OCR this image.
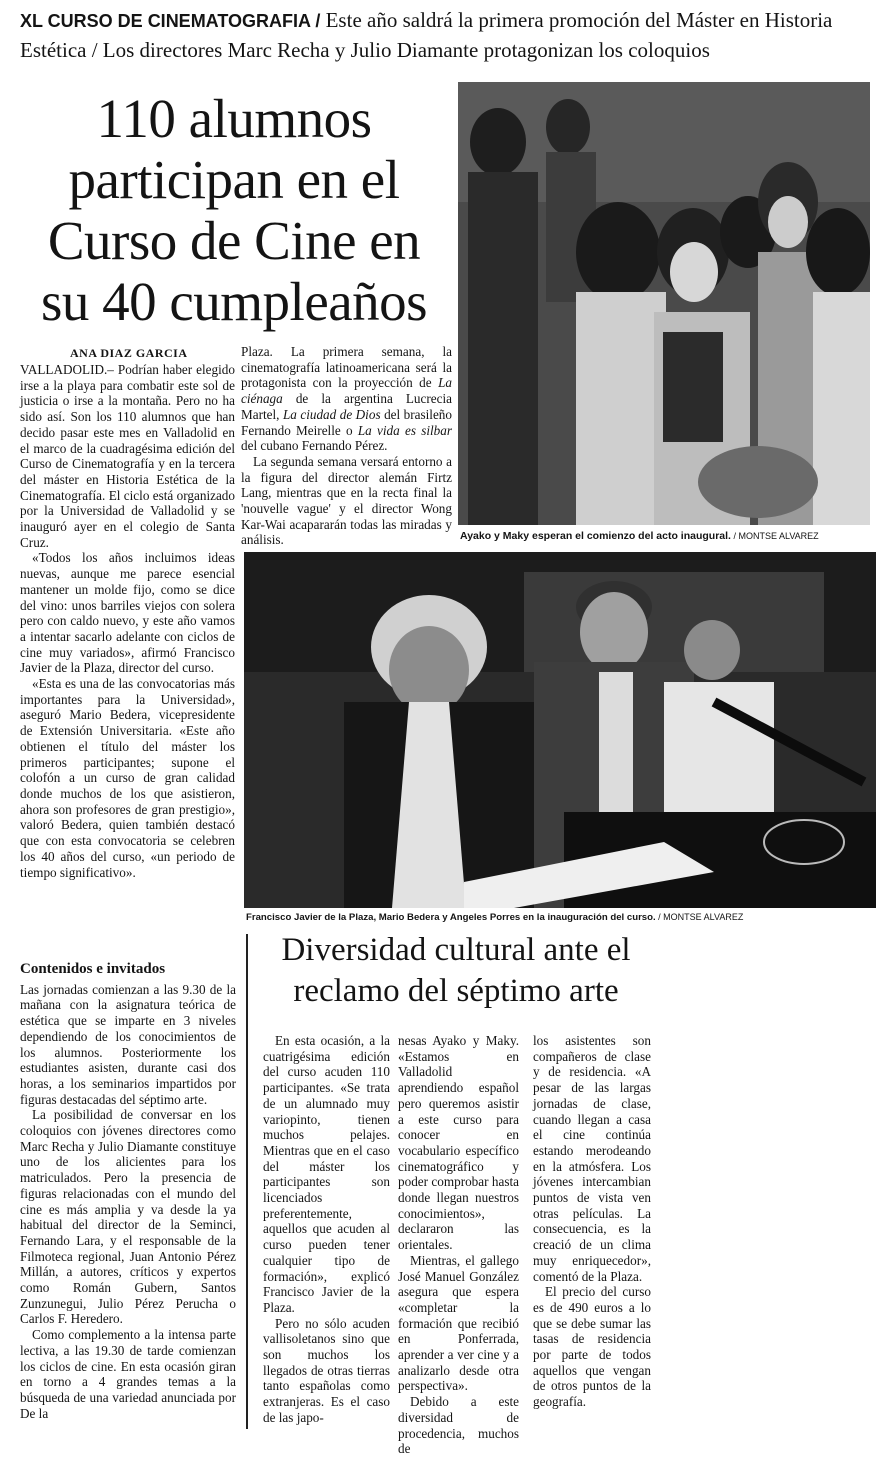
XL CURSO DE CINEMATOGRAFIA / Este año saldrá la primera promoción del Máster en Historia Estética / Los directores Marc Recha y Julio Diamante protagonizan los coloquios
110 alumnos participan en el Curso de Cine en su 40 cumpleaños
Ayako y Maky esperan el comienzo del acto inaugural. / MONTSE ALVAREZ
ANA DIAZ GARCIA

VALLADOLID.– Podrían haber elegido irse a la playa para combatir este sol de justicia o irse a la montaña. Pero no ha sido así. Son los 110 alumnos que han decido pasar este mes en Valladolid en el marco de la cuadragésima edición del Curso de Cinematografía y en la tercera del máster en Historia Estética de la Cinematografía. El ciclo está organizado por la Universidad de Valladolid y se inauguró ayer en el colegio de Santa Cruz.

«Todos los años incluimos ideas nuevas, aunque me parece esencial mantener un molde fijo, como se dice del vino: unos barriles viejos con solera pero con caldo nuevo, y este año vamos a intentar sacarlo adelante con ciclos de cine muy variados», afirmó Francisco Javier de la Plaza, director del curso.

«Esta es una de las convocatorias más importantes para la Universidad», aseguró Mario Bedera, vicepresidente de Extensión Universitaria. «Este año obtienen el título del máster los primeros participantes; supone el colofón a un curso de gran calidad donde muchos de los que asistieron, ahora son profesores de gran prestigio», valoró Bedera, quien también destacó que con esta convocatoria se celebren los 40 años del curso, «un periodo de tiempo significativo».

Plaza. La primera semana, la cinematografía latinoamericana será la protagonista con la proyección de La ciénaga de la argentina Lucrecia Martel, La ciudad de Dios del brasileño Fernando Meirelle o La vida es silbar del cubano Fernando Pérez.

La segunda semana versará entorno a la figura del director alemán Firtz Lang, mientras que en la recta final la 'nouvelle vague' y el director Wong Kar-Wai acapararán todas las miradas y análisis.

Francisco Javier de la Plaza, Mario Bedera y Angeles Porres en la inauguración del curso. / MONTSE ALVAREZ
Contenidos e invitados

Las jornadas comienzan a las 9.30 de la mañana con la asignatura teórica de estética que se imparte en 3 niveles dependiendo de los conocimientos de los alumnos. Posteriormente los estudiantes asisten, durante casi dos horas, a los seminarios impartidos por figuras destacadas del séptimo arte.

La posibilidad de conversar en los coloquios con jóvenes directores como Marc Recha y Julio Diamante constituye uno de los alicientes para los matriculados. Pero la presencia de figuras relacionadas con el mundo del cine es más amplia y va desde la ya habitual del director de la Seminci, Fernando Lara, y el responsable de la Filmoteca regional, Juan Antonio Pérez Millán, a autores, críticos y expertos como Román Gubern, Santos Zunzunegui, Julio Pérez Perucha o Carlos F. Heredero.

Como complemento a la intensa parte lectiva, a las 19.30 de tarde comienzan los ciclos de cine. En esta ocasión giran en torno a 4 grandes temas a la búsqueda de una variedad anunciada por De la

Diversidad cultural ante el reclamo del séptimo arte

En esta ocasión, a la cuatrigésima edición del curso acuden 110 participantes. «Se trata de un alumnado muy variopinto, tienen muchos pelajes. Mientras que en el caso del máster los participantes son licenciados preferentemente, aquellos que acuden al curso pueden tener cualquier tipo de formación», explicó Francisco Javier de la Plaza.

Pero no sólo acuden vallisoletanos sino que son muchos los llegados de otras tierras tanto españolas como extranjeras. Es el caso de las japo-

nesas Ayako y Maky. «Estamos en Valladolid aprendiendo español pero queremos asistir a este curso para conocer en vocabulario específico cinematográfico y poder comprobar hasta donde llegan nuestros conocimientos», declararon las orientales.

Mientras, el gallego José Manuel González asegura que espera «completar la formación que recibió en Ponferrada, aprender a ver cine y a analizarlo desde otra perspectiva».

Debido a este diversidad de procedencia, muchos de

los asistentes son compañeros de clase y de residencia. «A pesar de las largas jornadas de clase, cuando llegan a casa el cine continúa estando merodeando en la atmósfera. Los jóvenes intercambian puntos de vista ven otras películas. La consecuencia, es la creació de un clima muy enriquecedor», comentó de la Plaza.

El precio del curso es de 490 euros a lo que se debe sumar las tasas de residencia por parte de todos aquellos que vengan de otros puntos de la geografía.
